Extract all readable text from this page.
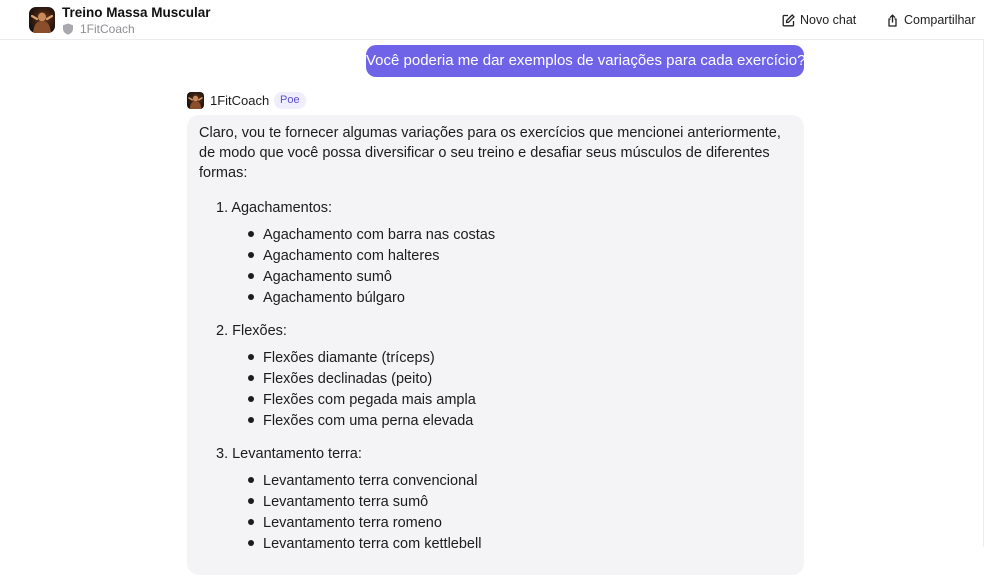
Treino Massa Muscular
1FitCoach
Novo chat	Compartilhar
Você poderia me dar exemplos de variações para cada exercício?
1FitCoach Poe

Claro, vou te fornecer algumas variações para os exercícios que mencionei anteriormente, de modo que você possa diversificar o seu treino e desafiar seus músculos de diferentes formas:

1. Agachamentos:
Agachamento com barra nas costas
Agachamento com halteres
Agachamento sumô
Agachamento búlgaro
2. Flexões:
Flexões diamante (tríceps)
Flexões declinadas (peito)
Flexões com pegada mais ampla
Flexões com uma perna elevada
3. Levantamento terra:
Levantamento terra convencional
Levantamento terra sumô
Levantamento terra romeno
Levantamento terra com kettlebell
